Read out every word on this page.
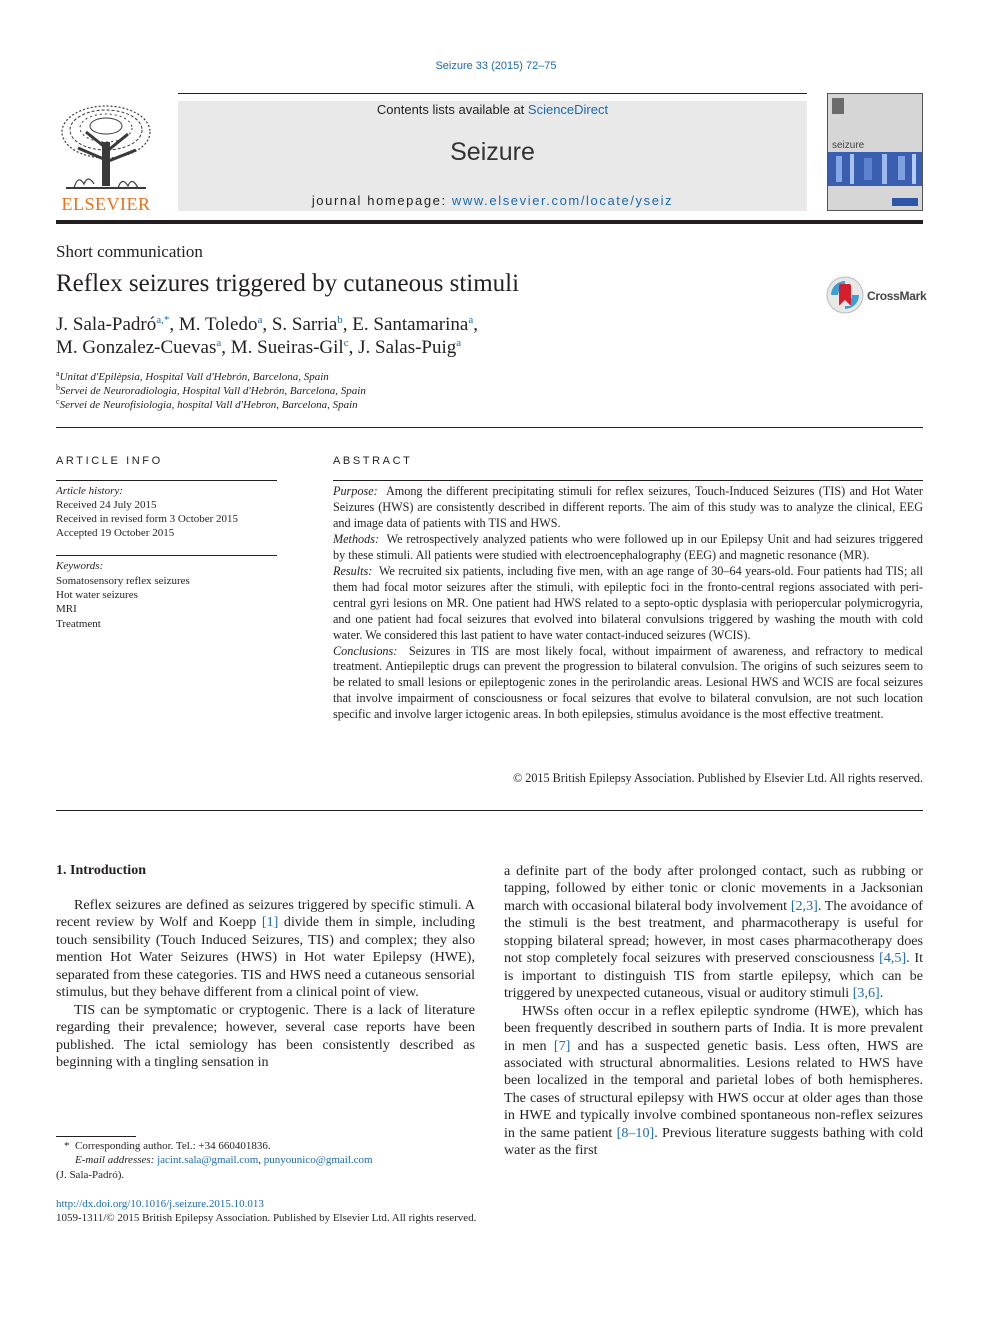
Seizure 33 (2015) 72–75
Contents lists available at ScienceDirect
Seizure
journal homepage: www.elsevier.com/locate/yseiz
ELSEVIER
seizure
Short communication
Reflex seizures triggered by cutaneous stimuli	CrossMark
J. Sala-Padró$^{a,*}$, M. Toledo$^a$, S. Sarria$^b$, E. Santamarina$^a$,
M. Gonzalez-Cuevas$^a$, M. Sueiras-Gil$^c$, J. Salas-Puig$^a$
$^a$Unitat d'Epilèpsia, Hospital Vall d'Hebrón, Barcelona, Spain
$^b$Servei de Neuroradiologia, Hospital Vall d'Hebrón, Barcelona, Spain
$^c$Servei de Neurofisiologia, hospital Vall d'Hebron, Barcelona, Spain
ARTICLE INFO
Article history:
Received 24 July 2015
Received in revised form 3 October 2015
Accepted 19 October 2015
Keywords:
Somatosensory reflex seizures
Hot water seizures
MRI
Treatment
ABSTRACT
Purpose: Among the different precipitating stimuli for reflex seizures, Touch-Induced Seizures (TIS) and Hot Water Seizures (HWS) are consistently described in different reports. The aim of this study was to analyze the clinical, EEG and image data of patients with TIS and HWS.
Methods: We retrospectively analyzed patients who were followed up in our Epilepsy Unit and had seizures triggered by these stimuli. All patients were studied with electroencephalography (EEG) and magnetic resonance (MR).
Results: We recruited six patients, including five men, with an age range of 30–64 years-old. Four patients had TIS; all them had focal motor seizures after the stimuli, with epileptic foci in the fronto-central regions associated with peri-central gyri lesions on MR. One patient had HWS related to a septo-optic dysplasia with periopercular polymicrogyria, and one patient had focal seizures that evolved into bilateral convulsions triggered by washing the mouth with cold water. We considered this last patient to have water contact-induced seizures (WCIS).
Conclusions: Seizures in TIS are most likely focal, without impairment of awareness, and refractory to medical treatment. Antiepileptic drugs can prevent the progression to bilateral convulsion. The origins of such seizures seem to be related to small lesions or epileptogenic zones in the perirolandic areas. Lesional HWS and WCIS are focal seizures that involve impairment of consciousness or focal seizures that evolve to bilateral convulsion, are not such location specific and involve larger ictogenic areas. In both epilepsies, stimulus avoidance is the most effective treatment.
© 2015 British Epilepsy Association. Published by Elsevier Ltd. All rights reserved.
1. Introduction

Reflex seizures are defined as seizures triggered by specific stimuli. A recent review by Wolf and Koepp [1] divide them in simple, including touch sensibility (Touch Induced Seizures, TIS) and complex; they also mention Hot Water Seizures (HWS) in Hot water Epilepsy (HWE), separated from these categories. TIS and HWS need a cutaneous sensorial stimulus, but they behave different from a clinical point of view.

TIS can be symptomatic or cryptogenic. There is a lack of literature regarding their prevalence; however, several case reports have been published. The ictal semiology has been consistently described as beginning with a tingling sensation in

a definite part of the body after prolonged contact, such as rubbing or tapping, followed by either tonic or clonic movements in a Jacksonian march with occasional bilateral body involvement [2,3]. The avoidance of the stimuli is the best treatment, and pharmacotherapy is useful for stopping bilateral spread; however, in most cases pharmacotherapy does not stop completely focal seizures with preserved consciousness [4,5]. It is important to distinguish TIS from startle epilepsy, which can be triggered by unexpected cutaneous, visual or auditory stimuli [3,6].

HWSs often occur in a reflex epileptic syndrome (HWE), which has been frequently described in southern parts of India. It is more prevalent in men [7] and has a suspected genetic basis. Less often, HWS are associated with structural abnormalities. Lesions related to HWS have been localized in the temporal and parietal lobes of both hemispheres. The cases of structural epilepsy with HWS occur at older ages than those in HWE and typically involve combined spontaneous non-reflex seizures in the same patient [8–10]. Previous literature suggests bathing with cold water as the first

* Corresponding author. Tel.: +34 660401836.
E-mail addresses: jacint.sala@gmail.com, punyounico@gmail.com
(J. Sala-Padró).
http://dx.doi.org/10.1016/j.seizure.2015.10.013
1059-1311/© 2015 British Epilepsy Association. Published by Elsevier Ltd. All rights reserved.
